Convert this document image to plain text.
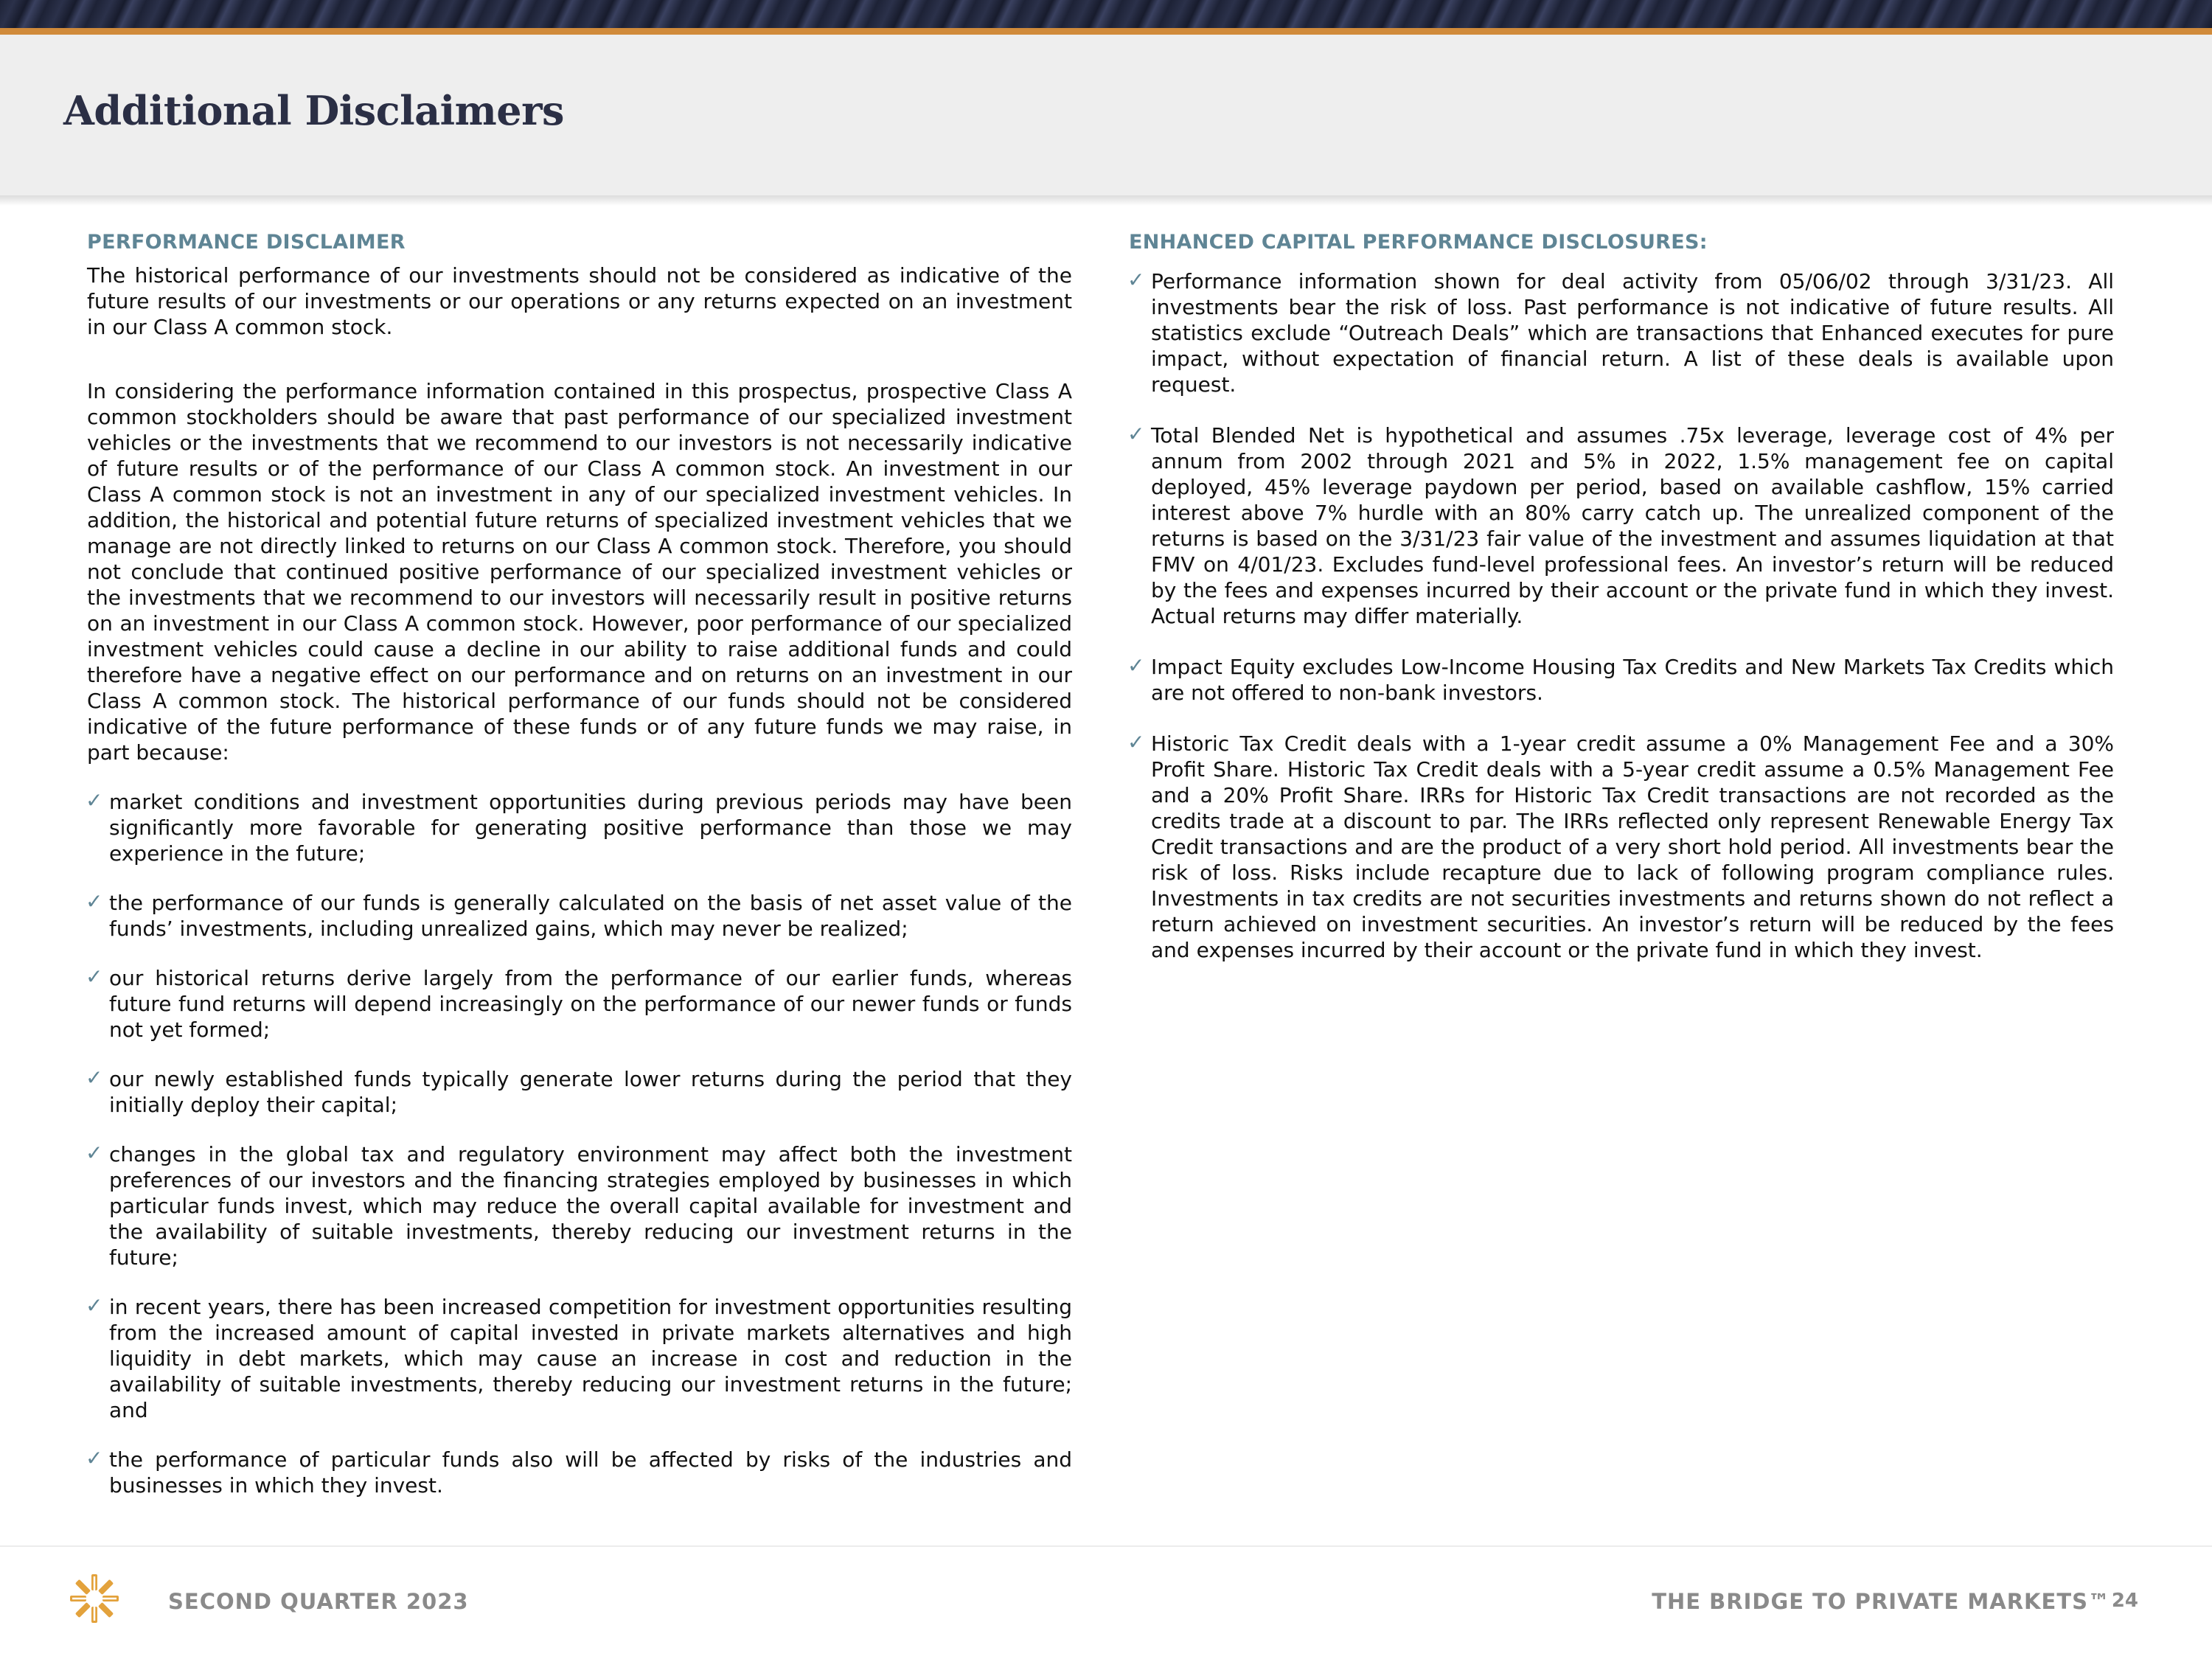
Additional Disclaimers

PERFORMANCE DISCLAIMER

The historical performance of our investments should not be considered as indicative of the future results of our investments or our operations or any returns expected on an investment in our Class A common stock.

In considering the performance information contained in this prospectus, prospective Class A common stockholders should be aware that past performance of our specialized investment vehicles or the investments that we recommend to our investors is not necessarily indicative of future results or of the performance of our Class A common stock. An investment in our Class A common stock is not an investment in any of our specialized investment vehicles. In addition, the historical and potential future returns of specialized investment vehicles that we manage are not directly linked to returns on our Class A common stock. Therefore, you should not conclude that continued positive performance of our specialized investment vehicles or the investments that we recommend to our investors will necessarily result in positive returns on an investment in our Class A common stock. However, poor performance of our specialized investment vehicles could cause a decline in our ability to raise additional funds and could therefore have a negative effect on our performance and on returns on an investment in our Class A common stock. The historical performance of our funds should not be considered indicative of the future performance of these funds or of any future funds we may raise, in part because:

✓ market conditions and investment opportunities during previous periods may have been significantly more favorable for generating positive performance than those we may experience in the future;
✓ the performance of our funds is generally calculated on the basis of net asset value of the funds’ investments, including unrealized gains, which may never be realized;
✓ our historical returns derive largely from the performance of our earlier funds, whereas future fund returns will depend increasingly on the performance of our newer funds or funds not yet formed;
✓ our newly established funds typically generate lower returns during the period that they initially deploy their capital;
✓ changes in the global tax and regulatory environment may affect both the investment preferences of our investors and the financing strategies employed by businesses in which particular funds invest, which may reduce the overall capital available for investment and the availability of suitable investments, thereby reducing our investment returns in the future;
✓ in recent years, there has been increased competition for investment opportunities resulting from the increased amount of capital invested in private markets alternatives and high liquidity in debt markets, which may cause an increase in cost and reduction in the availability of suitable investments, thereby reducing our investment returns in the future; and
✓ the performance of particular funds also will be affected by risks of the industries and businesses in which they invest.

ENHANCED CAPITAL PERFORMANCE DISCLOSURES:

✓ Performance information shown for deal activity from 05/06/02 through 3/31/23. All investments bear the risk of loss. Past performance is not indicative of future results. All statistics exclude “Outreach Deals” which are transactions that Enhanced executes for pure impact, without expectation of financial return. A list of these deals is available upon request.
✓ Total Blended Net is hypothetical and assumes .75x leverage, leverage cost of 4% per annum from 2002 through 2021 and 5% in 2022, 1.5% management fee on capital deployed, 45% leverage paydown per period, based on available cashflow, 15% carried interest above 7% hurdle with an 80% carry catch up. The unrealized component of the returns is based on the 3/31/23 fair value of the investment and assumes liquidation at that FMV on 4/01/23. Excludes fund-level professional fees. An investor’s return will be reduced by the fees and expenses incurred by their account or the private fund in which they invest. Actual returns may differ materially.
✓ Impact Equity excludes Low-Income Housing Tax Credits and New Markets Tax Credits which are not offered to non-bank investors.
✓ Historic Tax Credit deals with a 1-year credit assume a 0% Management Fee and a 30% Profit Share. Historic Tax Credit deals with a 5-year credit assume a 0.5% Management Fee and a 20% Profit Share. IRRs for Historic Tax Credit transactions are not recorded as the credits trade at a discount to par. The IRRs reflected only represent Renewable Energy Tax Credit transactions and are the product of a very short hold period. All investments bear the risk of loss. Risks include recapture due to lack of following program compliance rules. Investments in tax credits are not securities investments and returns shown do not reflect a return achieved on investment securities. An investor’s return will be reduced by the fees and expenses incurred by their account or the private fund in which they invest.

SECOND QUARTER 2023	THE BRIDGE TO PRIVATE MARKETS™ 24
